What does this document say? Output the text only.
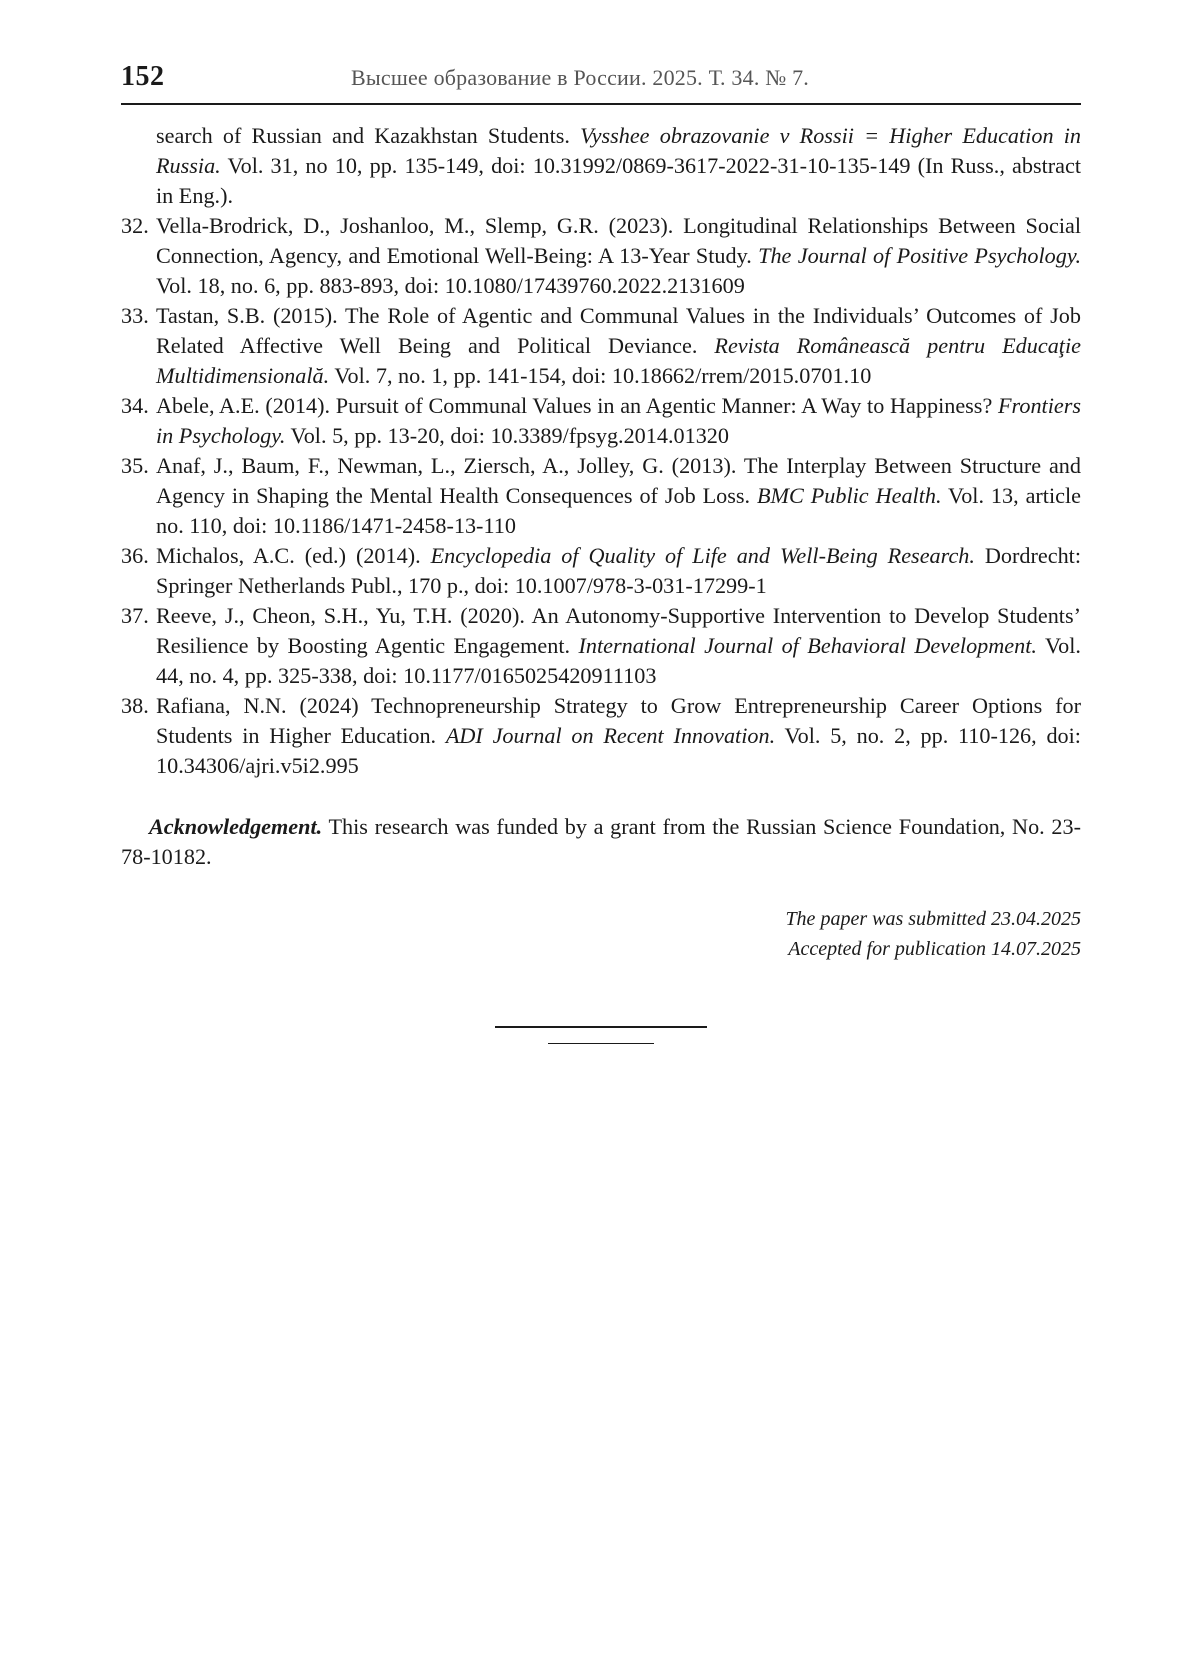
152	Высшее образование в России. 2025. Т. 34. № 7.
search of Russian and Kazakhstan Students. Vysshee obrazovanie v Rossii = Higher Education in Russia. Vol. 31, no 10, pp. 135-149, doi: 10.31992/0869-3617-2022-31-10-135-149 (In Russ., abstract in Eng.).
32. Vella-Brodrick, D., Joshanloo, M., Slemp, G.R. (2023). Longitudinal Relationships Between Social Connection, Agency, and Emotional Well-Being: A 13-Year Study. The Journal of Positive Psychology. Vol. 18, no. 6, pp. 883-893, doi: 10.1080/17439760.2022.2131609
33. Tastan, S.B. (2015). The Role of Agentic and Communal Values in the Individuals’ Outcomes of Job Related Affective Well Being and Political Deviance. Revista Românească pentru Educaţie Multidimensională. Vol. 7, no. 1, pp. 141-154, doi: 10.18662/rrem/2015.0701.10
34. Abele, A.E. (2014). Pursuit of Communal Values in an Agentic Manner: A Way to Happiness? Frontiers in Psychology. Vol. 5, pp. 13-20, doi: 10.3389/fpsyg.2014.01320
35. Anaf, J., Baum, F., Newman, L., Ziersch, A., Jolley, G. (2013). The Interplay Between Structure and Agency in Shaping the Mental Health Consequences of Job Loss. BMC Public Health. Vol. 13, article no. 110, doi: 10.1186/1471-2458-13-110
36. Michalos, A.C. (ed.) (2014). Encyclopedia of Quality of Life and Well-Being Research. Dordrecht: Springer Netherlands Publ., 170 p., doi: 10.1007/978-3-031-17299-1
37. Reeve, J., Cheon, S.H., Yu, T.H. (2020). An Autonomy-Supportive Intervention to Develop Students’ Resilience by Boosting Agentic Engagement. International Journal of Behavioral Development. Vol. 44, no. 4, pp. 325-338, doi: 10.1177/0165025420911103
38. Rafiana, N.N. (2024) Technopreneurship Strategy to Grow Entrepreneurship Career Options for Students in Higher Education. ADI Journal on Recent Innovation. Vol. 5, no. 2, pp. 110-126, doi: 10.34306/ajri.v5i2.995

Acknowledgement. This research was funded by a grant from the Russian Science Foundation, No. 23-78-10182.

The paper was submitted 23.04.2025
Accepted for publication 14.07.2025
